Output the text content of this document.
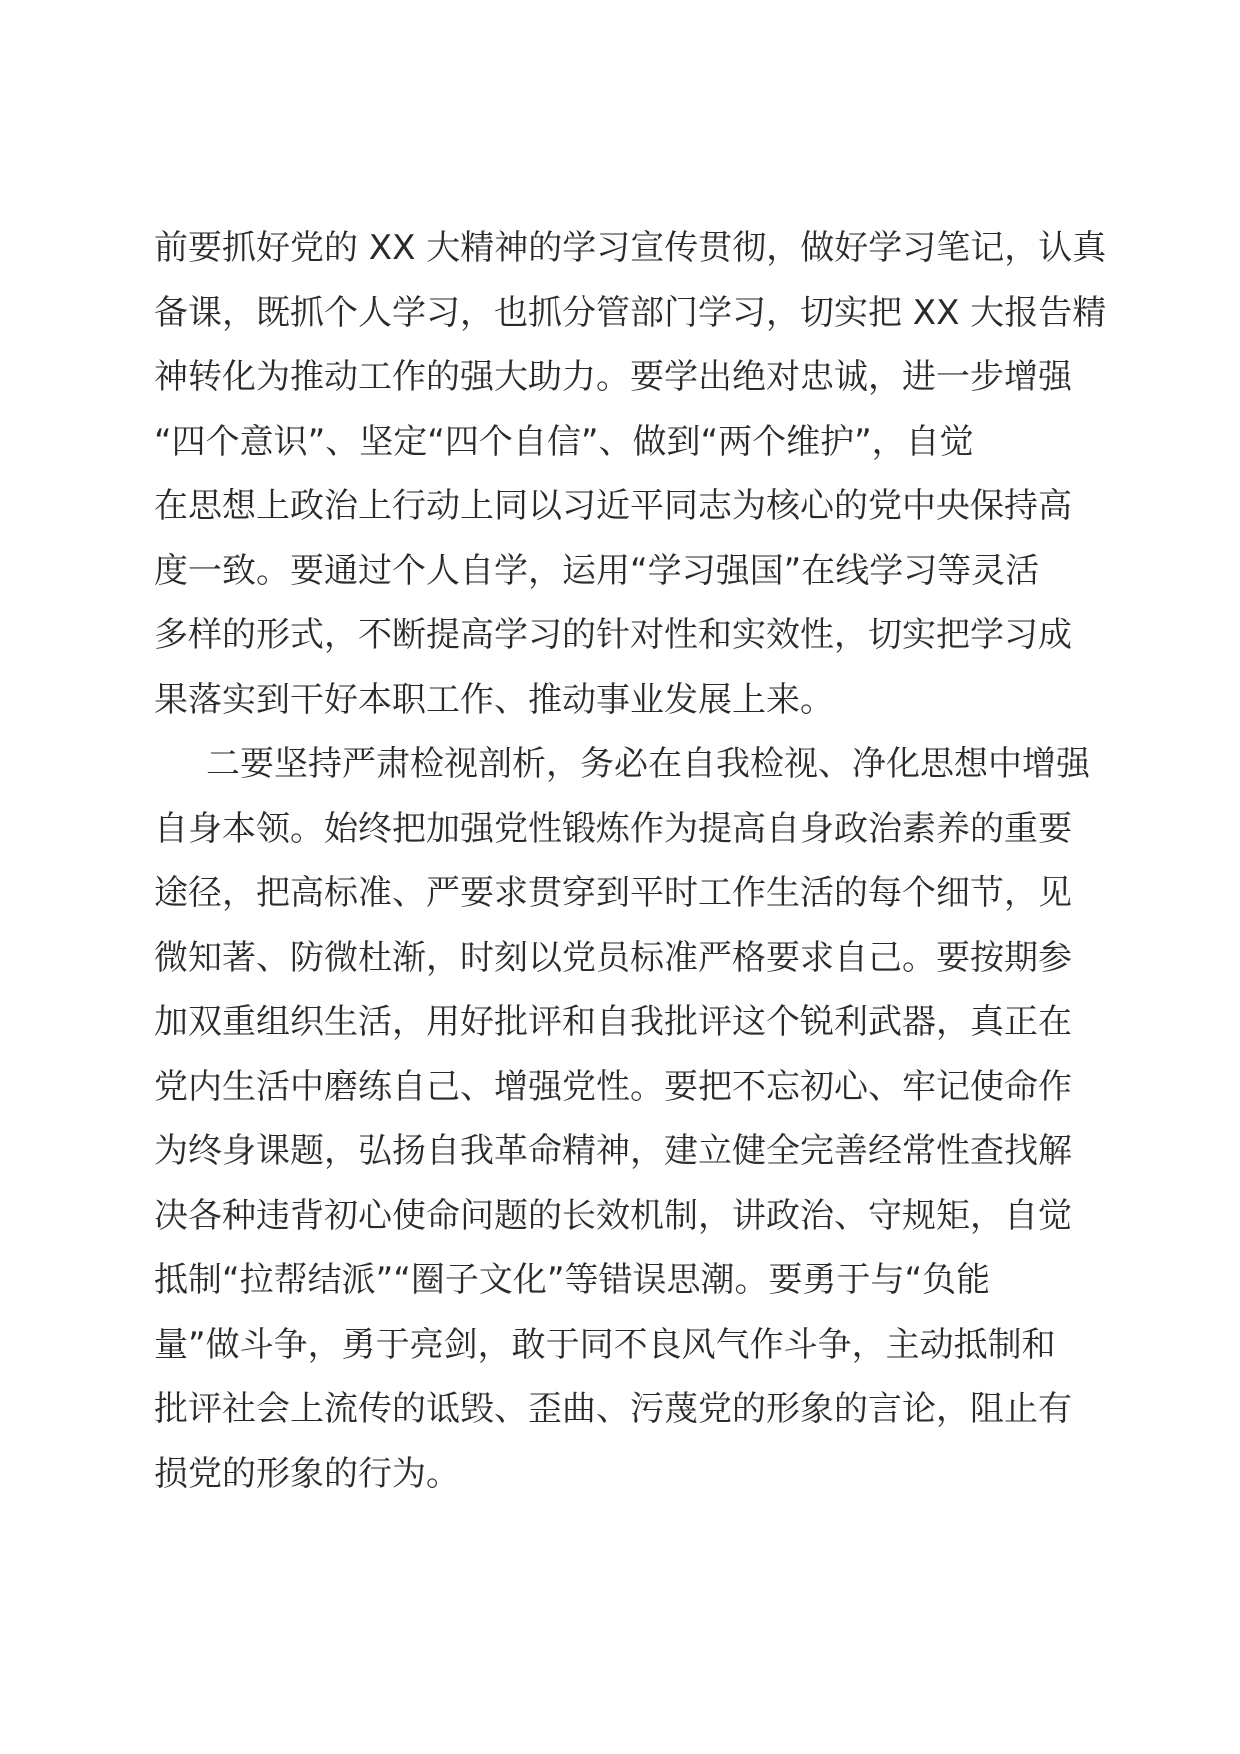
前要抓好党的 XX 大精神的学习宣传贯彻，做好学习笔记，认真
备课，既抓个人学习，也抓分管部门学习，切实把 XX 大报告精
神转化为推动工作的强大助力。要学出绝对忠诚，进一步增强
“四个意识”、坚定“四个自信”、做到“两个维护”，自觉
在思想上政治上行动上同以习近平同志为核心的党中央保持高
度一致。要通过个人自学，运用“学习强国”在线学习等灵活
多样的形式，不断提高学习的针对性和实效性，切实把学习成
果落实到干好本职工作、推动事业发展上来。
二要坚持严肃检视剖析，务必在自我检视、净化思想中增强
自身本领。始终把加强党性锻炼作为提高自身政治素养的重要
途径，把高标准、严要求贯穿到平时工作生活的每个细节，见
微知著、防微杜渐，时刻以党员标准严格要求自己。要按期参
加双重组织生活，用好批评和自我批评这个锐利武器，真正在
党内生活中磨练自己、增强党性。要把不忘初心、牢记使命作
为终身课题，弘扬自我革命精神，建立健全完善经常性查找解
决各种违背初心使命问题的长效机制，讲政治、守规矩，自觉
抵制“拉帮结派”“圈子文化”等错误思潮。要勇于与“负能
量”做斗争，勇于亮剑，敢于同不良风气作斗争，主动抵制和
批评社会上流传的诋毁、歪曲、污蔑党的形象的言论，阻止有
损党的形象的行为。
